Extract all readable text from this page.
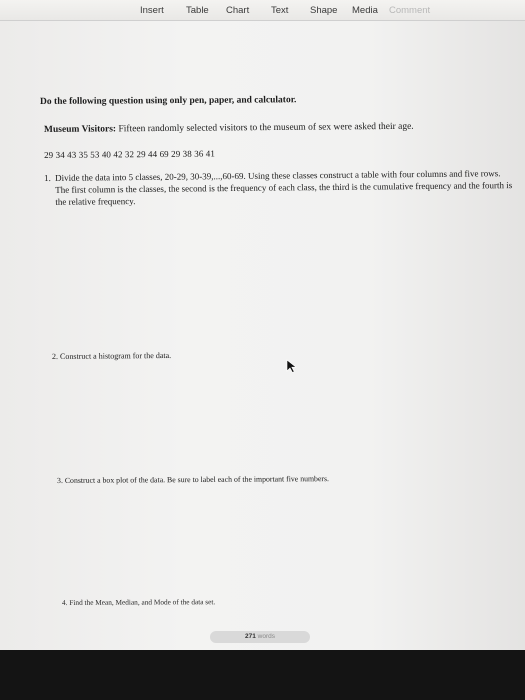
Insert Table Chart Text Shape Media Comment
Do the following question using only pen, paper, and calculator.
Museum Visitors: Fifteen randomly selected visitors to the museum of sex were asked their age.
29 34 43 35 53 40 42 32 29 44 69 29 38 36 41
1. Divide the data into 5 classes, 20-29, 30-39,...,60-69. Using these classes construct a table with four columns and five rows. The first column is the classes, the second is the frequency of each class, the third is the cumulative frequency and the fourth is the relative frequency.
2. Construct a histogram for the data.
3. Construct a box plot of the data. Be sure to label each of the important five numbers.
4. Find the Mean, Median, and Mode of the data set.
271 words
